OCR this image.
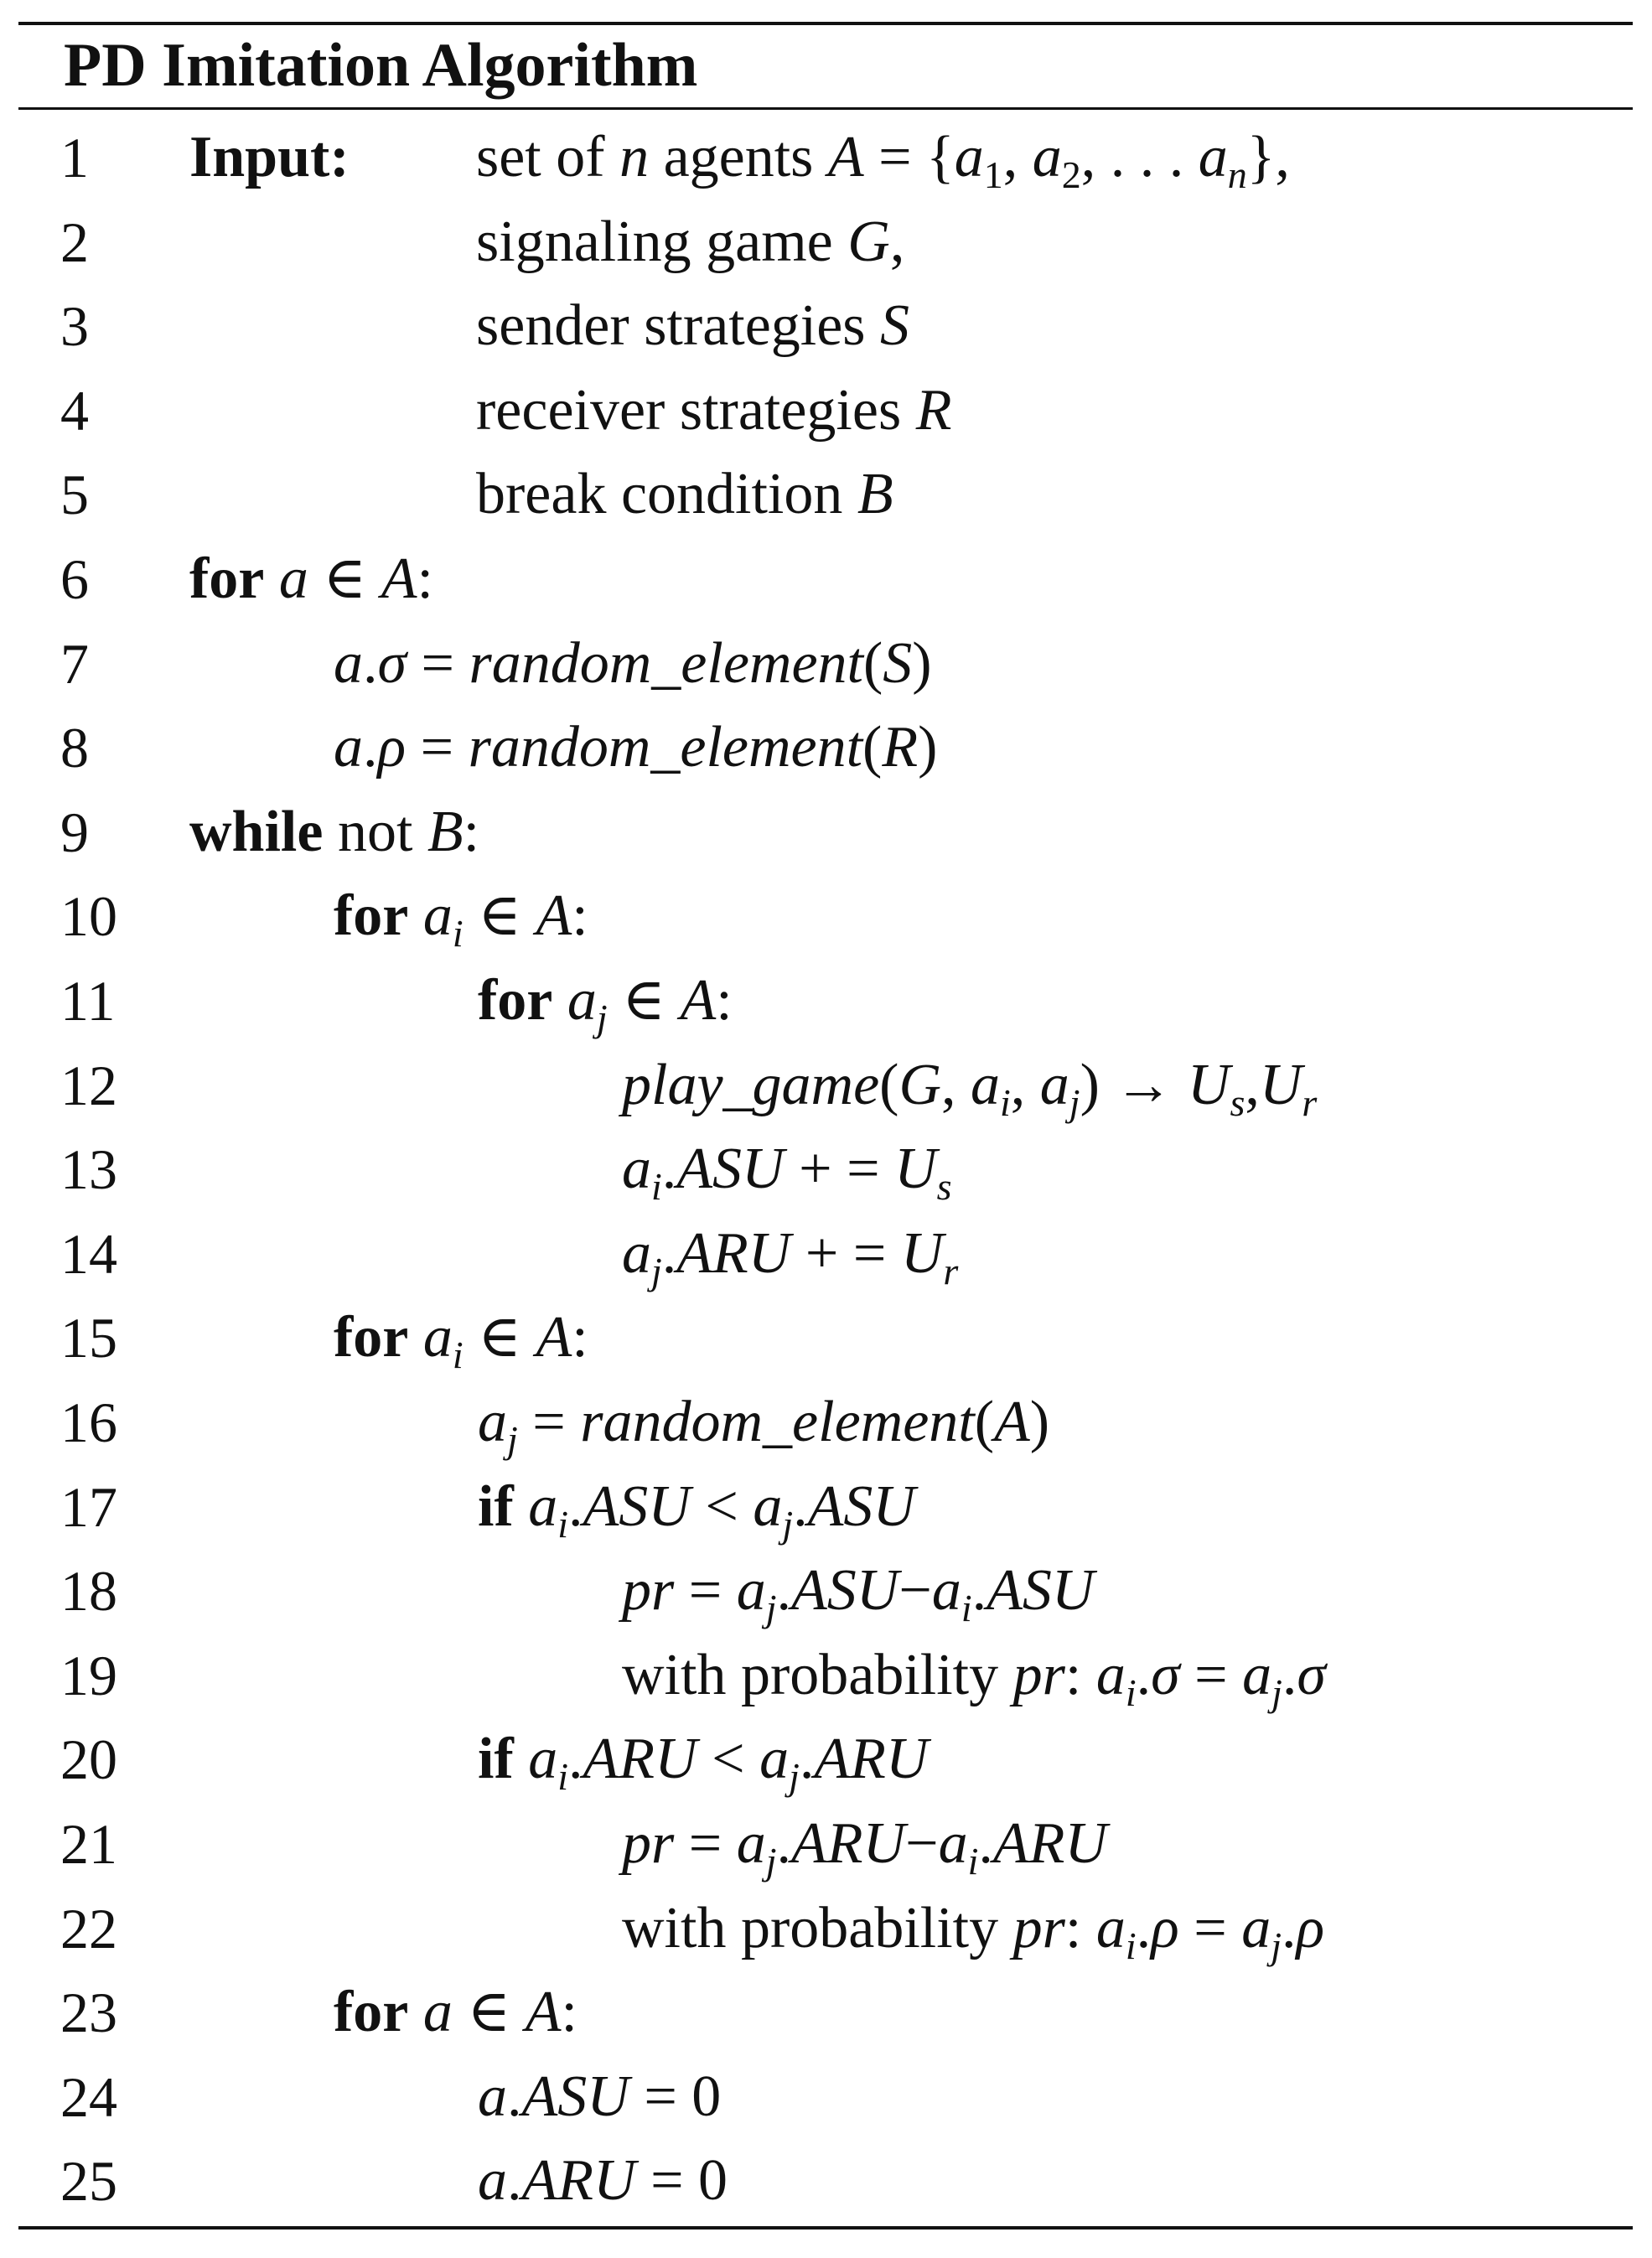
PD Imitation Algorithm
1 Input: set of n agents $A = \{a_1$, $a_2$, . . . $a_n$},
2	signaling game G,
3	sender strategies S
4	receiver strategies R
5	break condition B
6 for a ∈ A:
7	a.σ = random_element(S)
8	a.ρ = random_element(R)
9 while not B:
10	for $a_i$ ∈ A:
11	for $a_j$ ∈ A:
12	play_game(G, $a_i$, $a_j) \to U_s,U_r$
13	$a_i.ASU$ + = $U_s$
14	$a_j.ARU$ + = $U_r$
15	for $a_i$ ∈ A:
16	$a_j$ = random_element(A)
17	if $a_i.ASU < a_j.ASU$
18	pr = $a_j.ASU-a_i.ASU$
19	with probability pr: $a_i.\sigma = a_j.\sigma$
20	if $a_i.ARU < a_j.ARU$
21	pr = $a_j.ARU-a_i.ARU$
22	with probability pr: $a_i.\rho = a_j.\rho$
23	for a ∈ A:
24	a.ASU = 0
25	a.ARU = 0
